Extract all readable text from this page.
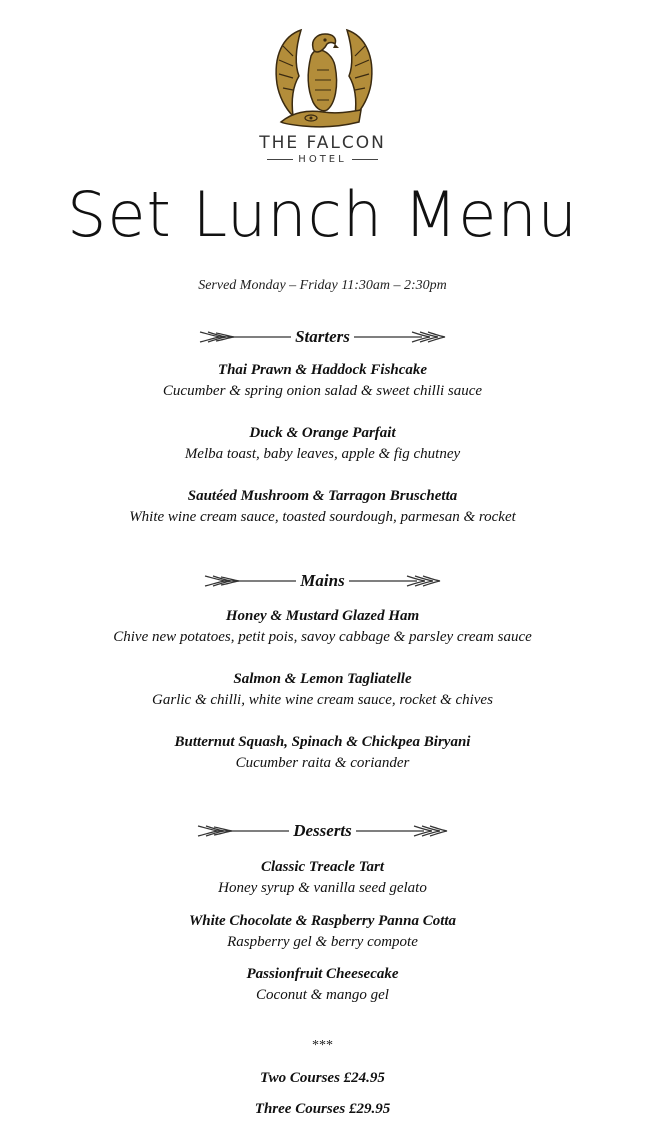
THE FALCON
HOTEL
Set Lunch Menu
Served Monday – Friday 11:30am – 2:30pm
Starters
Thai Prawn & Haddock Fishcake
Cucumber & spring onion salad & sweet chilli sauce
Duck & Orange Parfait
Melba toast, baby leaves, apple & fig chutney
Sautéed Mushroom & Tarragon Bruschetta
White wine cream sauce, toasted sourdough, parmesan & rocket
Mains
Honey & Mustard Glazed Ham
Chive new potatoes, petit pois, savoy cabbage & parsley cream sauce
Salmon & Lemon Tagliatelle
Garlic & chilli, white wine cream sauce, rocket & chives
Butternut Squash, Spinach & Chickpea Biryani
Cucumber raita & coriander
Desserts
Classic Treacle Tart
Honey syrup & vanilla seed gelato
White Chocolate & Raspberry Panna Cotta
Raspberry gel & berry compote
Passionfruit Cheesecake
Coconut & mango gel
***
Two Courses £24.95
Three Courses £29.95
